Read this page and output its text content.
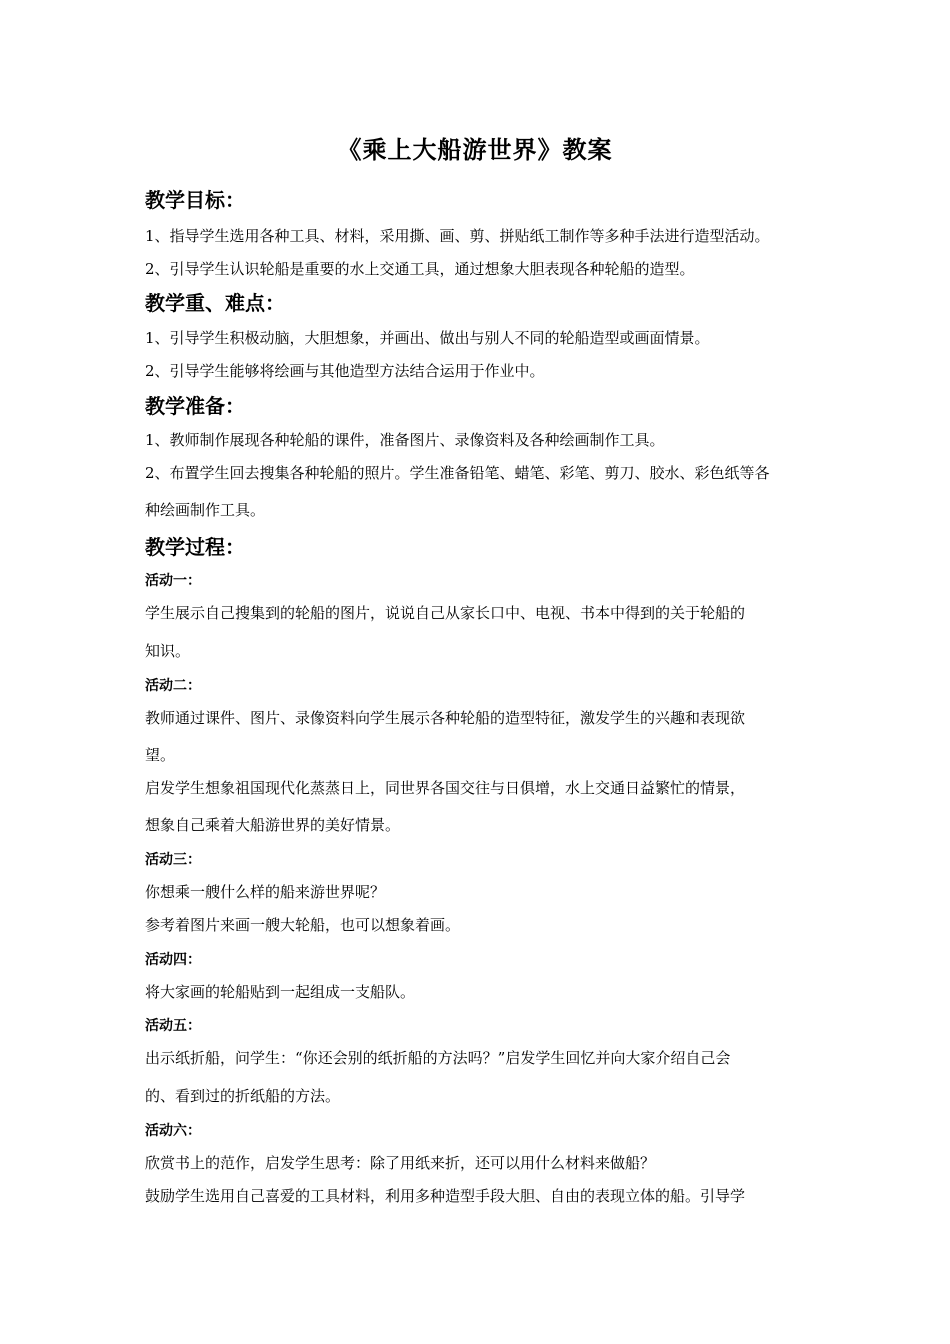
《乘上大船游世界》教案
教学目标：
1、指导学生选用各种工具、材料，采用撕、画、剪、拼贴纸工制作等多种手法进行造型活动。
2、引导学生认识轮船是重要的水上交通工具，通过想象大胆表现各种轮船的造型。
教学重、难点：
1、引导学生积极动脑，大胆想象，并画出、做出与别人不同的轮船造型或画面情景。
2、引导学生能够将绘画与其他造型方法结合运用于作业中。
教学准备：
1、教师制作展现各种轮船的课件，准备图片、录像资料及各种绘画制作工具。
2、布置学生回去搜集各种轮船的照片。学生准备铅笔、蜡笔、彩笔、剪刀、胶水、彩色纸等各
种绘画制作工具。
教学过程：
活动一：
学生展示自己搜集到的轮船的图片，说说自己从家长口中、电视、书本中得到的关于轮船的
知识。
活动二：
教师通过课件、图片、录像资料向学生展示各种轮船的造型特征，激发学生的兴趣和表现欲
望。
启发学生想象祖国现代化蒸蒸日上，同世界各国交往与日俱增，水上交通日益繁忙的情景，
想象自己乘着大船游世界的美好情景。
活动三：
你想乘一艘什么样的船来游世界呢？
参考着图片来画一艘大轮船，也可以想象着画。
活动四：
将大家画的轮船贴到一起组成一支船队。
活动五：
出示纸折船，问学生：“你还会别的纸折船的方法吗？”启发学生回忆并向大家介绍自己会
的、看到过的折纸船的方法。
活动六：
欣赏书上的范作，启发学生思考：除了用纸来折，还可以用什么材料来做船？
鼓励学生选用自己喜爱的工具材料，利用多种造型手段大胆、自由的表现立体的船。引导学
